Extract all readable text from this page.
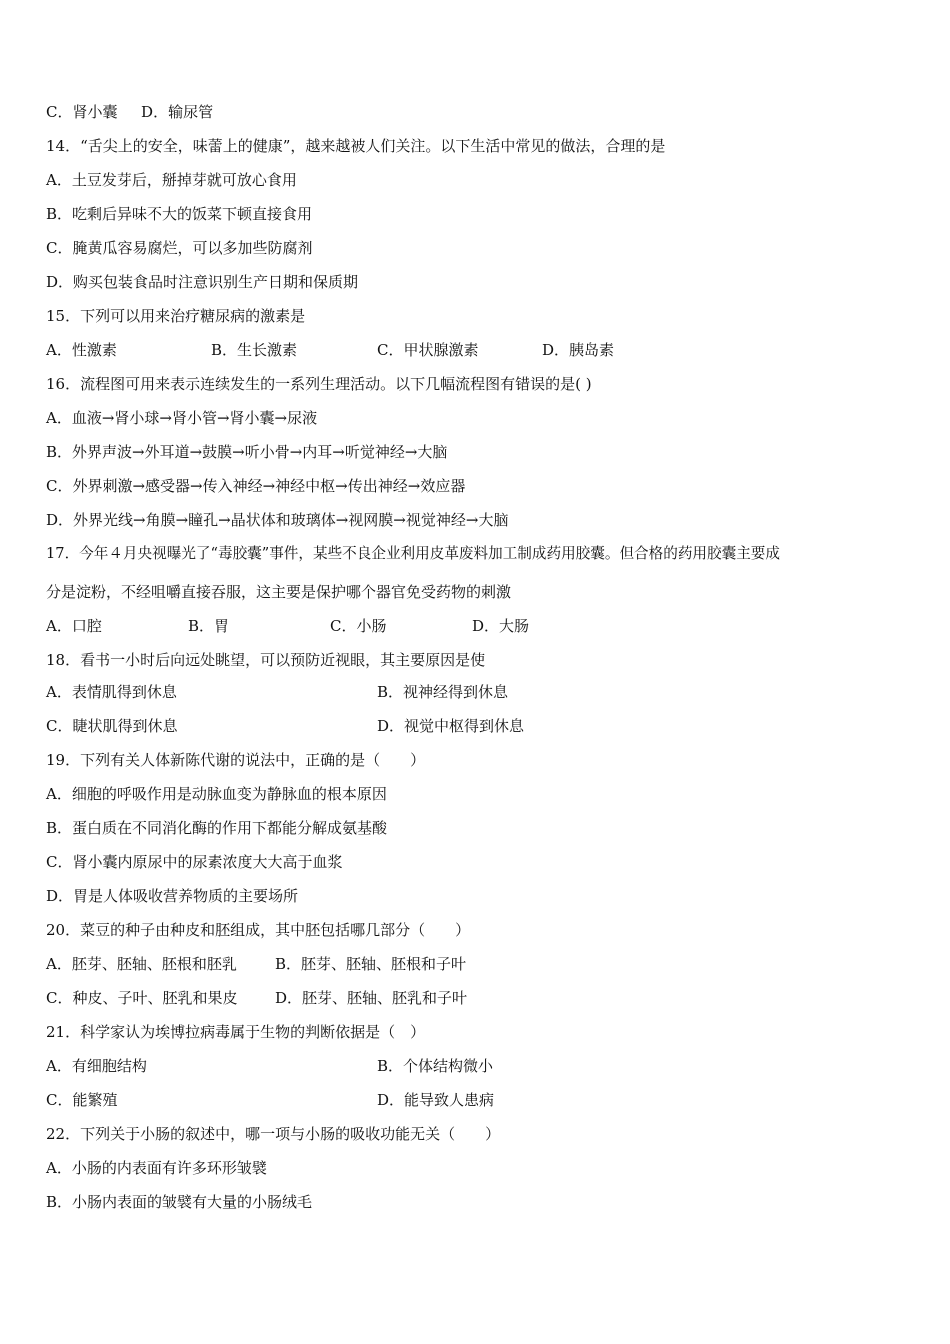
C．肾小囊 D．输尿管
14．“舌尖上的安全，味蕾上的健康”，越来越被人们关注。以下生活中常见的做法，合理的是
A．土豆发芽后，掰掉芽就可放心食用
B．吃剩后异味不大的饭菜下顿直接食用
C．腌黄瓜容易腐烂，可以多加些防腐剂
D．购买包装食品时注意识别生产日期和保质期
15．下列可以用来治疗糖尿病的激素是
A．性激素	B．生长激素	C．甲状腺激素	D．胰岛素
16．流程图可用来表示连续发生的一系列生理活动。以下几幅流程图有错误的是( )
A．血液→肾小球→肾小管→肾小囊→尿液
B．外界声波→外耳道→鼓膜→听小骨→内耳→听觉神经→大脑
C．外界刺激→感受器→传入神经→神经中枢→传出神经→效应器
D．外界光线→角膜→瞳孔→晶状体和玻璃体→视网膜→视觉神经→大脑
17．今年４月央视曝光了“毒胶囊”事件，某些不良企业利用皮革废料加工制成药用胶囊。但合格的药用胶囊主要成
分是淀粉，不经咀嚼直接吞服，这主要是保护哪个器官免受药物的刺激
A．口腔	B．胃	C．小肠	D．大肠
18．看书一小时后向远处眺望，可以预防近视眼，其主要原因是使
A．表情肌得到休息	B．视神经得到休息
C．睫状肌得到休息	D．视觉中枢得到休息
19．下列有关人体新陈代谢的说法中，正确的是（　　）
A．细胞的呼吸作用是动脉血变为静脉血的根本原因
B．蛋白质在不同消化酶的作用下都能分解成氨基酸
C．肾小囊内原尿中的尿素浓度大大高于血浆
D．胃是人体吸收营养物质的主要场所
20．菜豆的种子由种皮和胚组成，其中胚包括哪几部分（　　）
A．胚芽、胚轴、胚根和胚乳	B．胚芽、胚轴、胚根和子叶
C．种皮、子叶、胚乳和果皮	D．胚芽、胚轴、胚乳和子叶
21．科学家认为埃博拉病毒属于生物的判断依据是（　）
A．有细胞结构	B．个体结构微小
C．能繁殖	D．能导致人患病
22．下列关于小肠的叙述中，哪一项与小肠的吸收功能无关（　　）
A．小肠的内表面有许多环形皱襞
B．小肠内表面的皱襞有大量的小肠绒毛
